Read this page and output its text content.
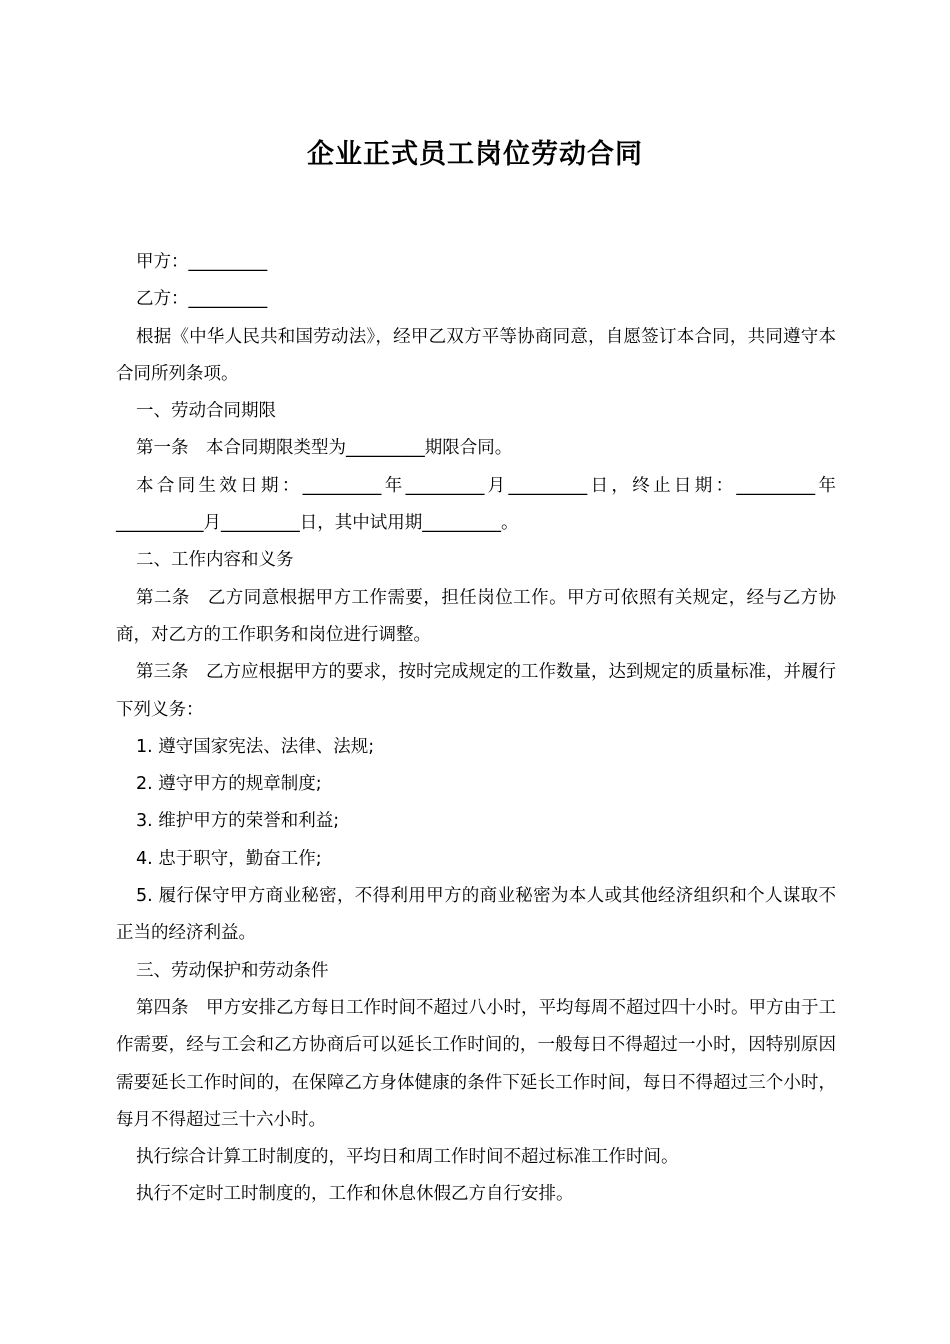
企业正式员工岗位劳动合同

甲方：_________

乙方：_________

根据《中华人民共和国劳动法》，经甲乙双方平等协商同意，自愿签订本合同，共同遵守本合同所列条项。

一、劳动合同期限

第一条　本合同期限类型为_________期限合同。

本合同生效日期：_________年_________月_________日，终止日期：_________年__________月_________日，其中试用期_________。

二、工作内容和义务

第二条　乙方同意根据甲方工作需要，担任岗位工作。甲方可依照有关规定，经与乙方协商，对乙方的工作职务和岗位进行调整。

第三条　乙方应根据甲方的要求，按时完成规定的工作数量，达到规定的质量标准，并履行下列义务：

1. 遵守国家宪法、法律、法规;

2. 遵守甲方的规章制度;

3. 维护甲方的荣誉和利益;

4. 忠于职守，勤奋工作;

5. 履行保守甲方商业秘密，不得利用甲方的商业秘密为本人或其他经济组织和个人谋取不正当的经济利益。

三、劳动保护和劳动条件

第四条　甲方安排乙方每日工作时间不超过八小时，平均每周不超过四十小时。甲方由于工作需要，经与工会和乙方协商后可以延长工作时间的，一般每日不得超过一小时，因特别原因需要延长工作时间的，在保障乙方身体健康的条件下延长工作时间，每日不得超过三个小时，每月不得超过三十六小时。

执行综合计算工时制度的，平均日和周工作时间不超过标准工作时间。

执行不定时工时制度的，工作和休息休假乙方自行安排。
